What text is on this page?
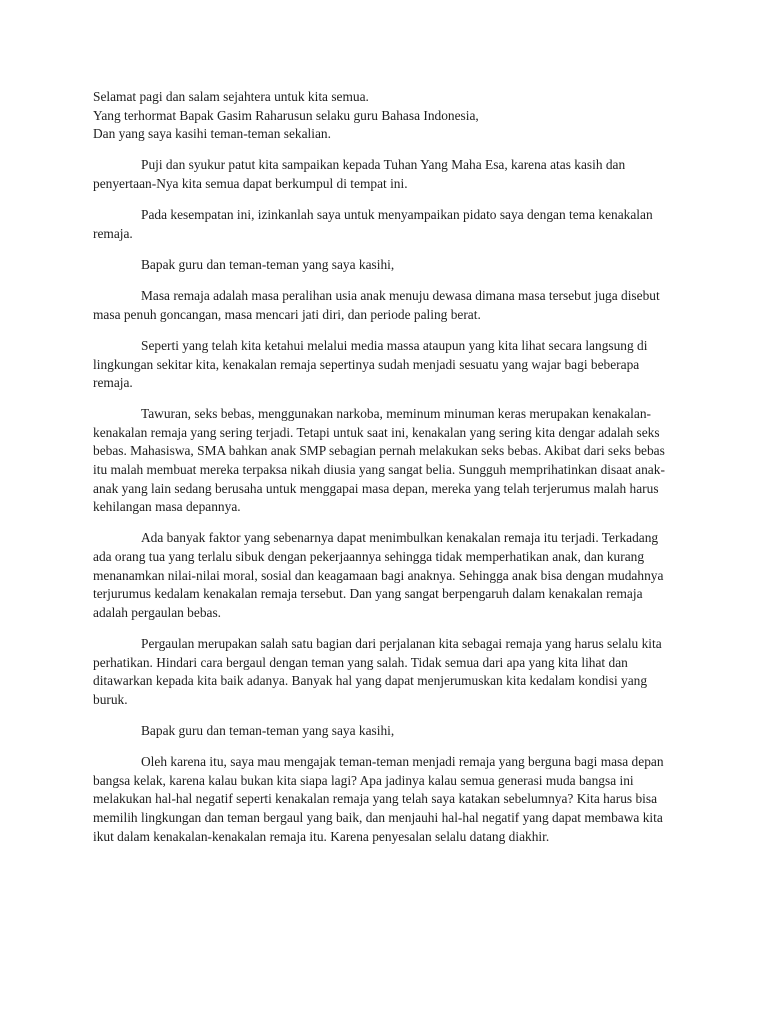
Selamat pagi dan salam sejahtera untuk kita semua.

Yang terhormat Bapak Gasim Raharusun selaku guru Bahasa Indonesia,

Dan yang saya kasihi teman-teman sekalian.

Puji dan syukur patut kita sampaikan kepada Tuhan Yang Maha Esa, karena atas kasih dan penyertaan-Nya kita semua dapat berkumpul di tempat ini.

Pada kesempatan ini, izinkanlah saya untuk menyampaikan pidato saya dengan tema kenakalan remaja.

Bapak guru dan teman-teman yang saya kasihi,

Masa remaja adalah masa peralihan usia anak menuju dewasa dimana masa tersebut juga disebut masa penuh goncangan, masa mencari jati diri, dan periode paling berat.

Seperti yang telah kita ketahui melalui media massa ataupun yang kita lihat secara langsung di lingkungan sekitar kita, kenakalan remaja sepertinya sudah menjadi sesuatu yang wajar bagi beberapa remaja.

Tawuran, seks bebas, menggunakan narkoba, meminum minuman keras merupakan kenakalan-kenakalan remaja yang sering terjadi. Tetapi untuk saat ini, kenakalan yang sering kita dengar adalah seks bebas. Mahasiswa, SMA bahkan anak SMP sebagian pernah melakukan seks bebas. Akibat dari seks bebas itu malah membuat mereka terpaksa nikah diusia yang sangat belia. Sungguh memprihatinkan disaat anak-anak yang lain sedang berusaha untuk menggapai masa depan, mereka yang telah terjerumus malah harus kehilangan masa depannya.

Ada banyak faktor yang sebenarnya dapat menimbulkan kenakalan remaja itu terjadi. Terkadang ada orang tua yang terlalu sibuk dengan pekerjaannya sehingga tidak memperhatikan anak, dan kurang menanamkan nilai-nilai moral, sosial dan keagamaan bagi anaknya. Sehingga anak bisa dengan mudahnya terjurumus kedalam kenakalan remaja tersebut. Dan yang sangat berpengaruh dalam kenakalan remaja adalah pergaulan bebas.

Pergaulan merupakan salah satu bagian dari perjalanan kita sebagai remaja yang harus selalu kita perhatikan. Hindari cara bergaul dengan teman yang salah. Tidak semua dari apa yang kita lihat dan ditawarkan kepada kita baik adanya. Banyak hal yang dapat menjerumuskan kita kedalam kondisi yang buruk.

Bapak guru dan teman-teman yang saya kasihi,

Oleh karena itu, saya mau mengajak teman-teman menjadi remaja yang berguna bagi masa depan bangsa kelak, karena kalau bukan kita siapa lagi? Apa jadinya kalau semua generasi muda bangsa ini melakukan hal-hal negatif seperti kenakalan remaja yang telah saya katakan sebelumnya? Kita harus bisa memilih lingkungan dan teman bergaul yang baik, dan menjauhi hal-hal negatif yang dapat membawa kita ikut dalam kenakalan-kenakalan remaja itu. Karena penyesalan selalu datang diakhir.
